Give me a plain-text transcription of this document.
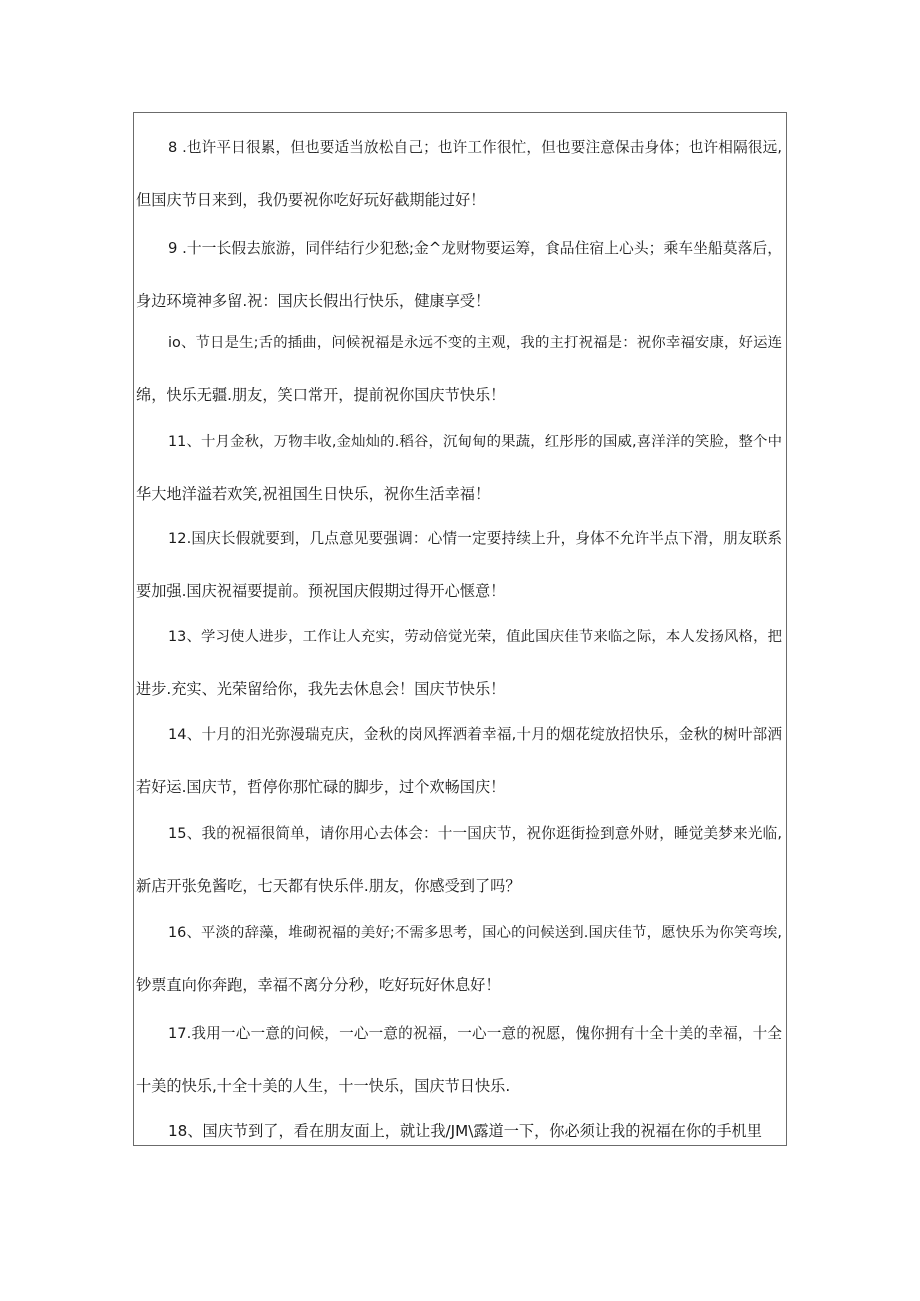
8 .也许平日很累，但也要适当放松自己；也许工作很忙，但也要注意保击身体；也许相隔很远,
但国庆节日来到，我仍要祝你吃好玩好截期能过好！
9 .十一长假去旅游，同伴结行少犯愁;金^龙财物要运筹，食品住宿上心头；乘车坐船莫落后，
身边环境神多留.祝：国庆长假出行快乐，健康享受！
io、节日是生;舌的插曲，问候祝福是永远不变的主观，我的主打祝福是：祝你幸福安康，好运连
绵，快乐无疆.朋友，笑口常开，提前祝你国庆节快乐！
11、十月金秋，万物丰收,金灿灿的.稻谷，沉甸甸的果蔬，红彤彤的国威,喜洋洋的笑脸，整个中
华大地洋溢若欢笑,祝祖国生日快乐，祝你生活幸福！
12.国庆长假就要到，几点意见要强调：心情一定要持续上升，身体不允许半点下滑，朋友联系
要加强.国庆祝福要提前。预祝国庆假期过得开心惬意！
13、学习使人进步，工作让人充实，劳动倍觉光荣，值此国庆佳节来临之际，本人发扬风格，把
进步.充实、光荣留给你，我先去休息会！国庆节快乐！
14、十月的汨光弥漫瑞克庆，金秋的岗风挥洒着幸福,十月的烟花绽放招快乐，金秋的树叶部洒
若好运.国庆节，哲停你那忙碌的脚步，过个欢畅国庆！
15、我的祝福很简单，请你用心去体会：十一国庆节，祝你逛街捡到意外财，睡觉美梦来光临,
新店开张免酱吃，七天都有快乐伴.朋友，你感受到了吗？
16、平淡的辞藻，堆砌祝福的美好;不需多思考，国心的问候送到.国庆佳节，愿快乐为你笑弯埃,
钞票直向你奔跑，幸福不离分分秒，吃好玩好休息好！
17.我用一心一意的问候，一心一意的祝福，一心一意的祝愿，傀你拥有十全十美的幸福，十全
十美的快乐,十全十美的人生，十一快乐，国庆节日快乐.
18、国庆节到了，看在朋友面上，就让我/JM\露道一下，你必须让我的祝福在你的手机里
